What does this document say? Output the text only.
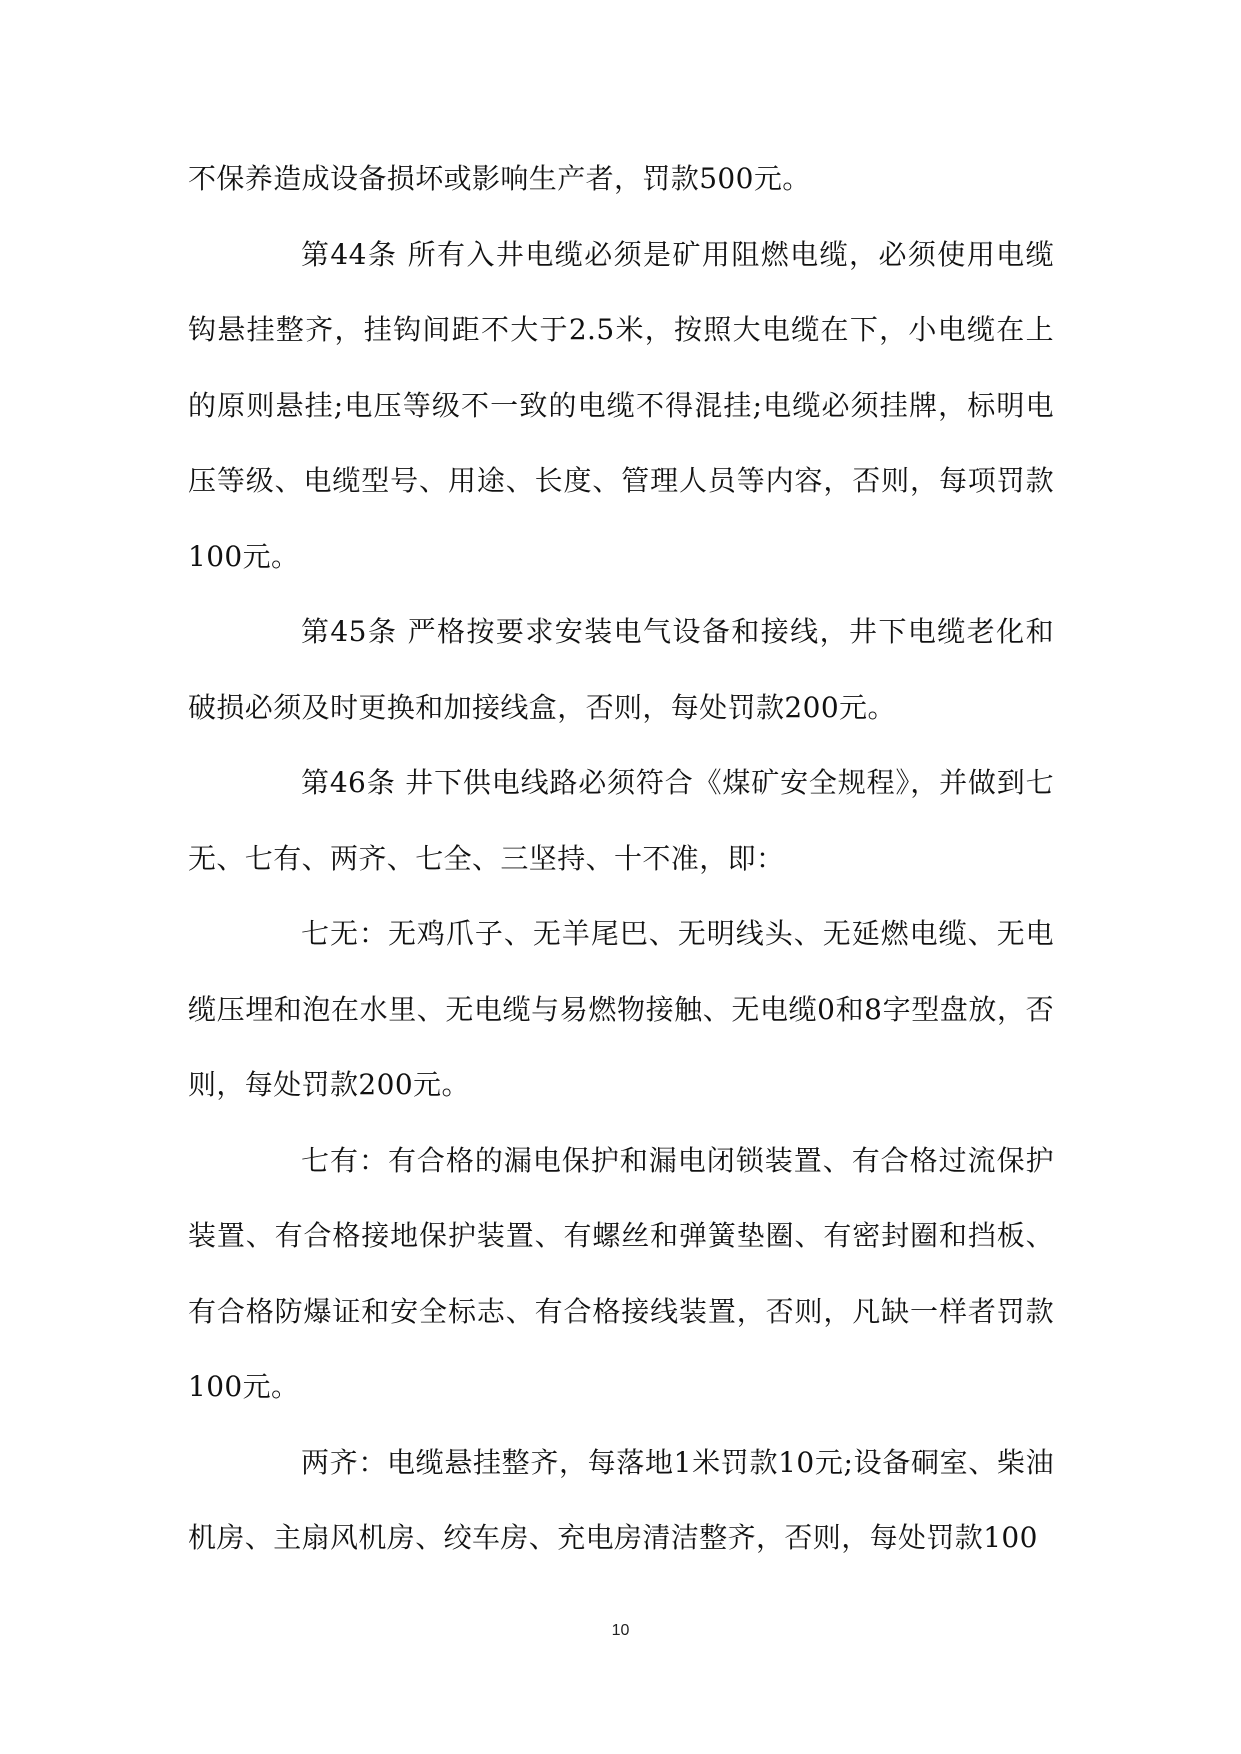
不保养造成设备损坏或影响生产者，罚款500元。

第44条 所有入井电缆必须是矿用阻燃电缆，必须使用电缆钩悬挂整齐，挂钩间距不大于2.5米，按照大电缆在下，小电缆在上的原则悬挂;电压等级不一致的电缆不得混挂;电缆必须挂牌，标明电压等级、电缆型号、用途、长度、管理人员等内容，否则，每项罚款100元。

第45条 严格按要求安装电气设备和接线，井下电缆老化和破损必须及时更换和加接线盒，否则，每处罚款200元。

第46条 井下供电线路必须符合《煤矿安全规程》，并做到七无、七有、两齐、七全、三坚持、十不准，即：

七无：无鸡爪子、无羊尾巴、无明线头、无延燃电缆、无电缆压埋和泡在水里、无电缆与易燃物接触、无电缆0和8字型盘放，否则，每处罚款200元。

七有：有合格的漏电保护和漏电闭锁装置、有合格过流保护装置、有合格接地保护装置、有螺丝和弹簧垫圈、有密封圈和挡板、有合格防爆证和安全标志、有合格接线装置，否则，凡缺一样者罚款100元。

两齐：电缆悬挂整齐，每落地1米罚款10元;设备硐室、柴油机房、主扇风机房、绞车房、充电房清洁整齐，否则，每处罚款100

10
